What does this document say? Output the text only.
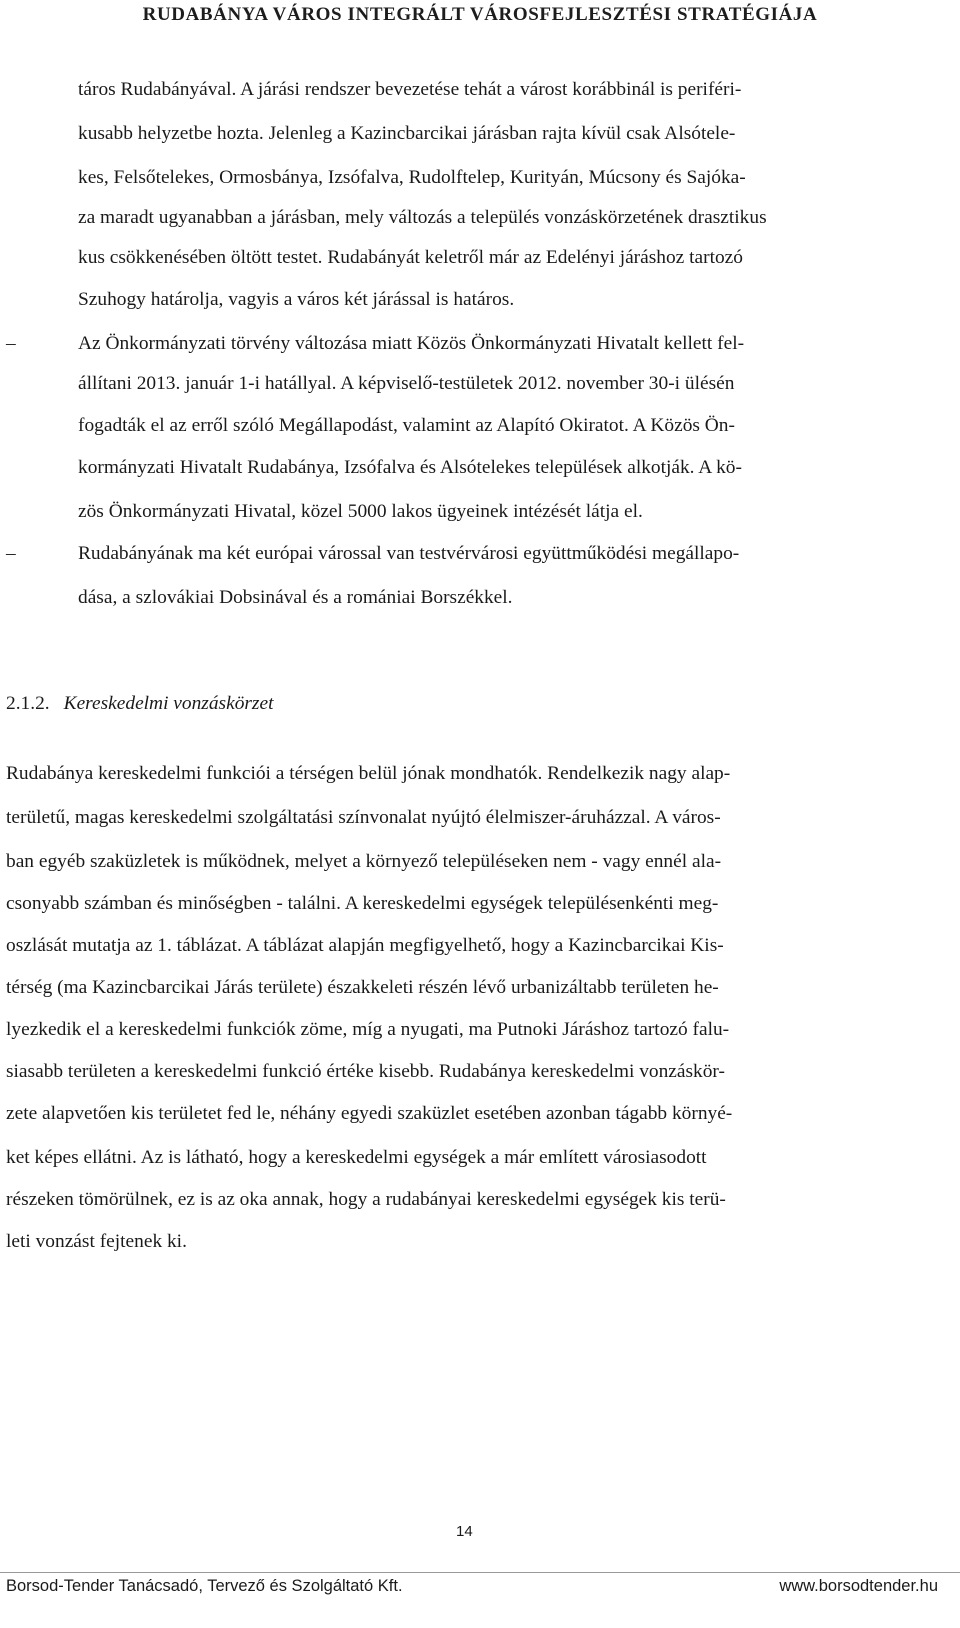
RUDABÁNYA VÁROS INTEGRÁLT VÁROSFEJLESZTÉSI STRATÉGIÁJA
táros Rudabányával. A járási rendszer bevezetése tehát a várost korábbinál is periféri-
kusabb helyzetbe hozta. Jelenleg a Kazincbarcikai járásban rajta kívül csak Alsótele-
kes, Felsőtelekes, Ormosbánya, Izsófalva, Rudolftelep, Kurityán, Múcsony és Sajóka-
za maradt ugyanabban a járásban, mely változás a település vonzáskörzetének drasztikus
kus csökkenésében öltött testet. Rudabányát keletről már az Edelényi járáshoz tartozó
Szuhogy határolja, vagyis a város két járással is határos.
–	Az Önkormányzati törvény változása miatt Közös Önkormányzati Hivatalt kellett fel-
állítani 2013. január 1-i hatállyal. A képviselő-testületek 2012. november 30-i ülésén
fogadták el az erről szóló Megállapodást, valamint az Alapító Okiratot. A Közös Ön-
kormányzati Hivatalt Rudabánya, Izsófalva és Alsótelekes települések alkotják. A kö-
zös Önkormányzati Hivatal, közel 5000 lakos ügyeinek intézését látja el.
–	Rudabányának ma két európai várossal van testvérvárosi együttműködési megállapo-
dása, a szlovákiai Dobsinával és a romániai Borszékkel.
2.1.2. Kereskedelmi vonzáskörzet
Rudabánya kereskedelmi funkciói a térségen belül jónak mondhatók. Rendelkezik nagy alap-
területű, magas kereskedelmi szolgáltatási színvonalat nyújtó élelmiszer-áruházzal. A város-
ban egyéb szaküzletek is működnek, melyet a környező településeken nem - vagy ennél ala-
csonyabb számban és minőségben - találni. A kereskedelmi egységek településenkénti meg-
oszlását mutatja az 1. táblázat. A táblázat alapján megfigyelhető, hogy a Kazincbarcikai Kis-
térség (ma Kazincbarcikai Járás területe) északkeleti részén lévő urbanizáltabb területen he-
lyezkedik el a kereskedelmi funkciók zöme, míg a nyugati, ma Putnoki Járáshoz tartozó falu-
siasabb területen a kereskedelmi funkció értéke kisebb. Rudabánya kereskedelmi vonzáskör-
zete alapvetően kis területet fed le, néhány egyedi szaküzlet esetében azonban tágabb környé-
ket képes ellátni. Az is látható, hogy a kereskedelmi egységek a már említett városiasodott
részeken tömörülnek, ez is az oka annak, hogy a rudabányai kereskedelmi egységek kis terü-
leti vonzást fejtenek ki.
14
Borsod-Tender Tanácsadó, Tervező és Szolgáltató Kft.	www.borsodtender.hu
